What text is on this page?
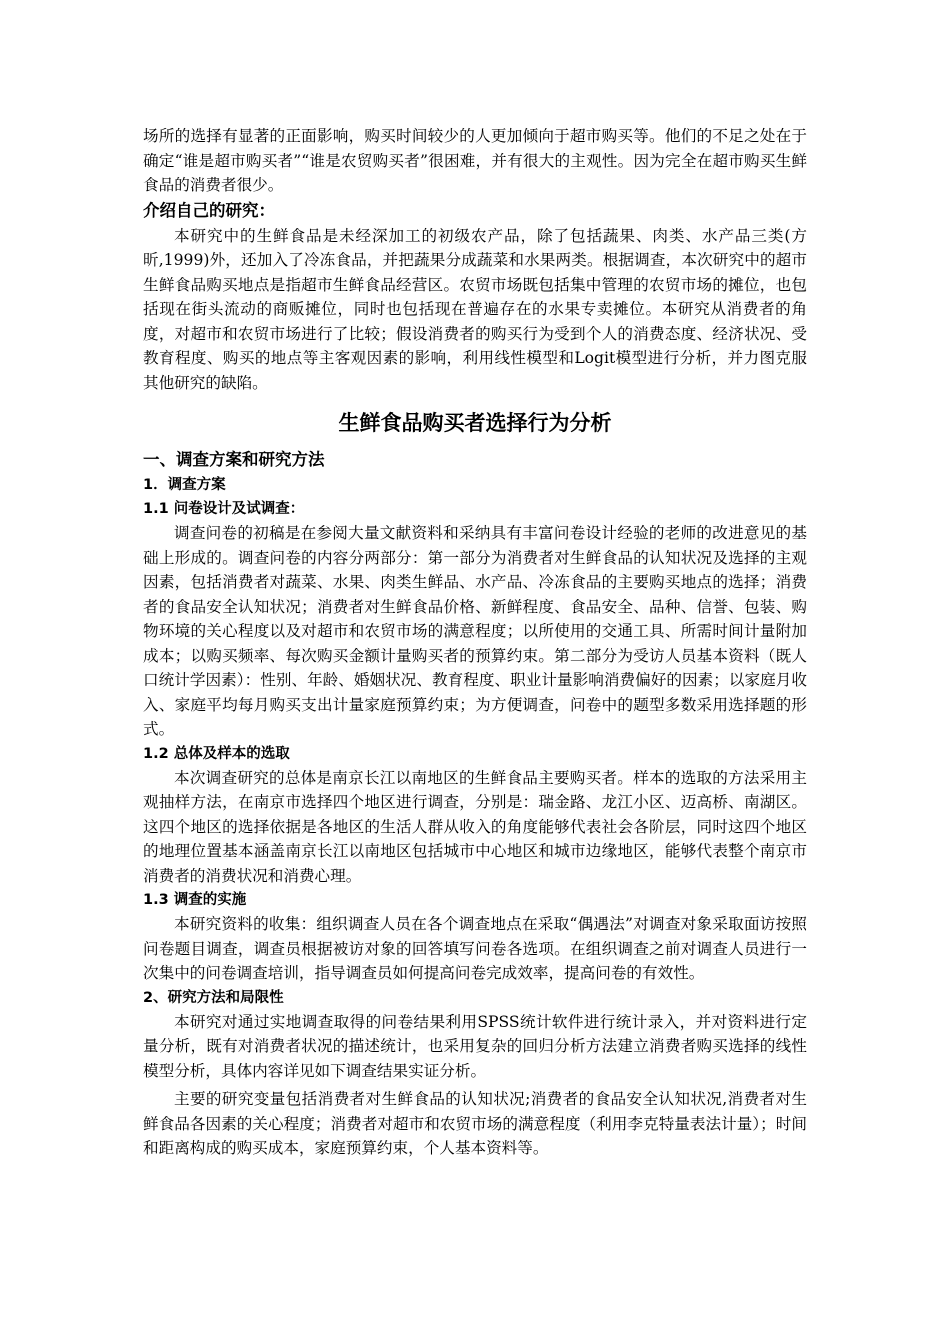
场所的选择有显著的正面影响，购买时间较少的人更加倾向于超市购买等。他们的不足之处在于确定“谁是超市购买者”“谁是农贸购买者”很困难，并有很大的主观性。因为完全在超市购买生鲜食品的消费者很少。

介绍自己的研究：

本研究中的生鲜食品是未经深加工的初级农产品，除了包括蔬果、肉类、水产品三类(方昕,1999)外，还加入了冷冻食品，并把蔬果分成蔬菜和水果两类。根据调查，本次研究中的超市生鲜食品购买地点是指超市生鲜食品经营区。农贸市场既包括集中管理的农贸市场的摊位，也包括现在街头流动的商贩摊位，同时也包括现在普遍存在的水果专卖摊位。本研究从消费者的角度，对超市和农贸市场进行了比较；假设消费者的购买行为受到个人的消费态度、经济状况、受教育程度、购买的地点等主客观因素的影响，利用线性模型和Logit模型进行分析，并力图克服其他研究的缺陷。

生鲜食品购买者选择行为分析
一、调查方案和研究方法
1．调查方案
1.1 问卷设计及试调查：

调查问卷的初稿是在参阅大量文献资料和采纳具有丰富问卷设计经验的老师的改进意见的基础上形成的。调查问卷的内容分两部分：第一部分为消费者对生鲜食品的认知状况及选择的主观因素，包括消费者对蔬菜、水果、肉类生鲜品、水产品、冷冻食品的主要购买地点的选择；消费者的食品安全认知状况；消费者对生鲜食品价格、新鲜程度、食品安全、品种、信誉、包装、购物环境的关心程度以及对超市和农贸市场的满意程度；以所使用的交通工具、所需时间计量附加成本；以购买频率、每次购买金额计量购买者的预算约束。第二部分为受访人员基本资料（既人口统计学因素）：性别、年龄、婚姻状况、教育程度、职业计量影响消费偏好的因素；以家庭月收入、家庭平均每月购买支出计量家庭预算约束；为方便调查，问卷中的题型多数采用选择题的形式。

1.2 总体及样本的选取

本次调查研究的总体是南京长江以南地区的生鲜食品主要购买者。样本的选取的方法采用主观抽样方法，在南京市选择四个地区进行调查，分别是：瑞金路、龙江小区、迈高桥、南湖区。这四个地区的选择依据是各地区的生活人群从收入的角度能够代表社会各阶层，同时这四个地区的地理位置基本涵盖南京长江以南地区包括城市中心地区和城市边缘地区，能够代表整个南京市消费者的消费状况和消费心理。

1.3 调查的实施

本研究资料的收集：组织调查人员在各个调查地点在采取“偶遇法”对调查对象采取面访按照问卷题目调查，调查员根据被访对象的回答填写问卷各选项。在组织调查之前对调查人员进行一次集中的问卷调查培训，指导调查员如何提高问卷完成效率，提高问卷的有效性。

2、研究方法和局限性

本研究对通过实地调查取得的问卷结果利用SPSS统计软件进行统计录入，并对资料进行定量分析，既有对消费者状况的描述统计，也采用复杂的回归分析方法建立消费者购买选择的线性模型分析，具体内容详见如下调查结果实证分析。

主要的研究变量包括消费者对生鲜食品的认知状况;消费者的食品安全认知状况,消费者对生鲜食品各因素的关心程度；消费者对超市和农贸市场的满意程度（利用李克特量表法计量）；时间和距离构成的购买成本，家庭预算约束，个人基本资料等。
